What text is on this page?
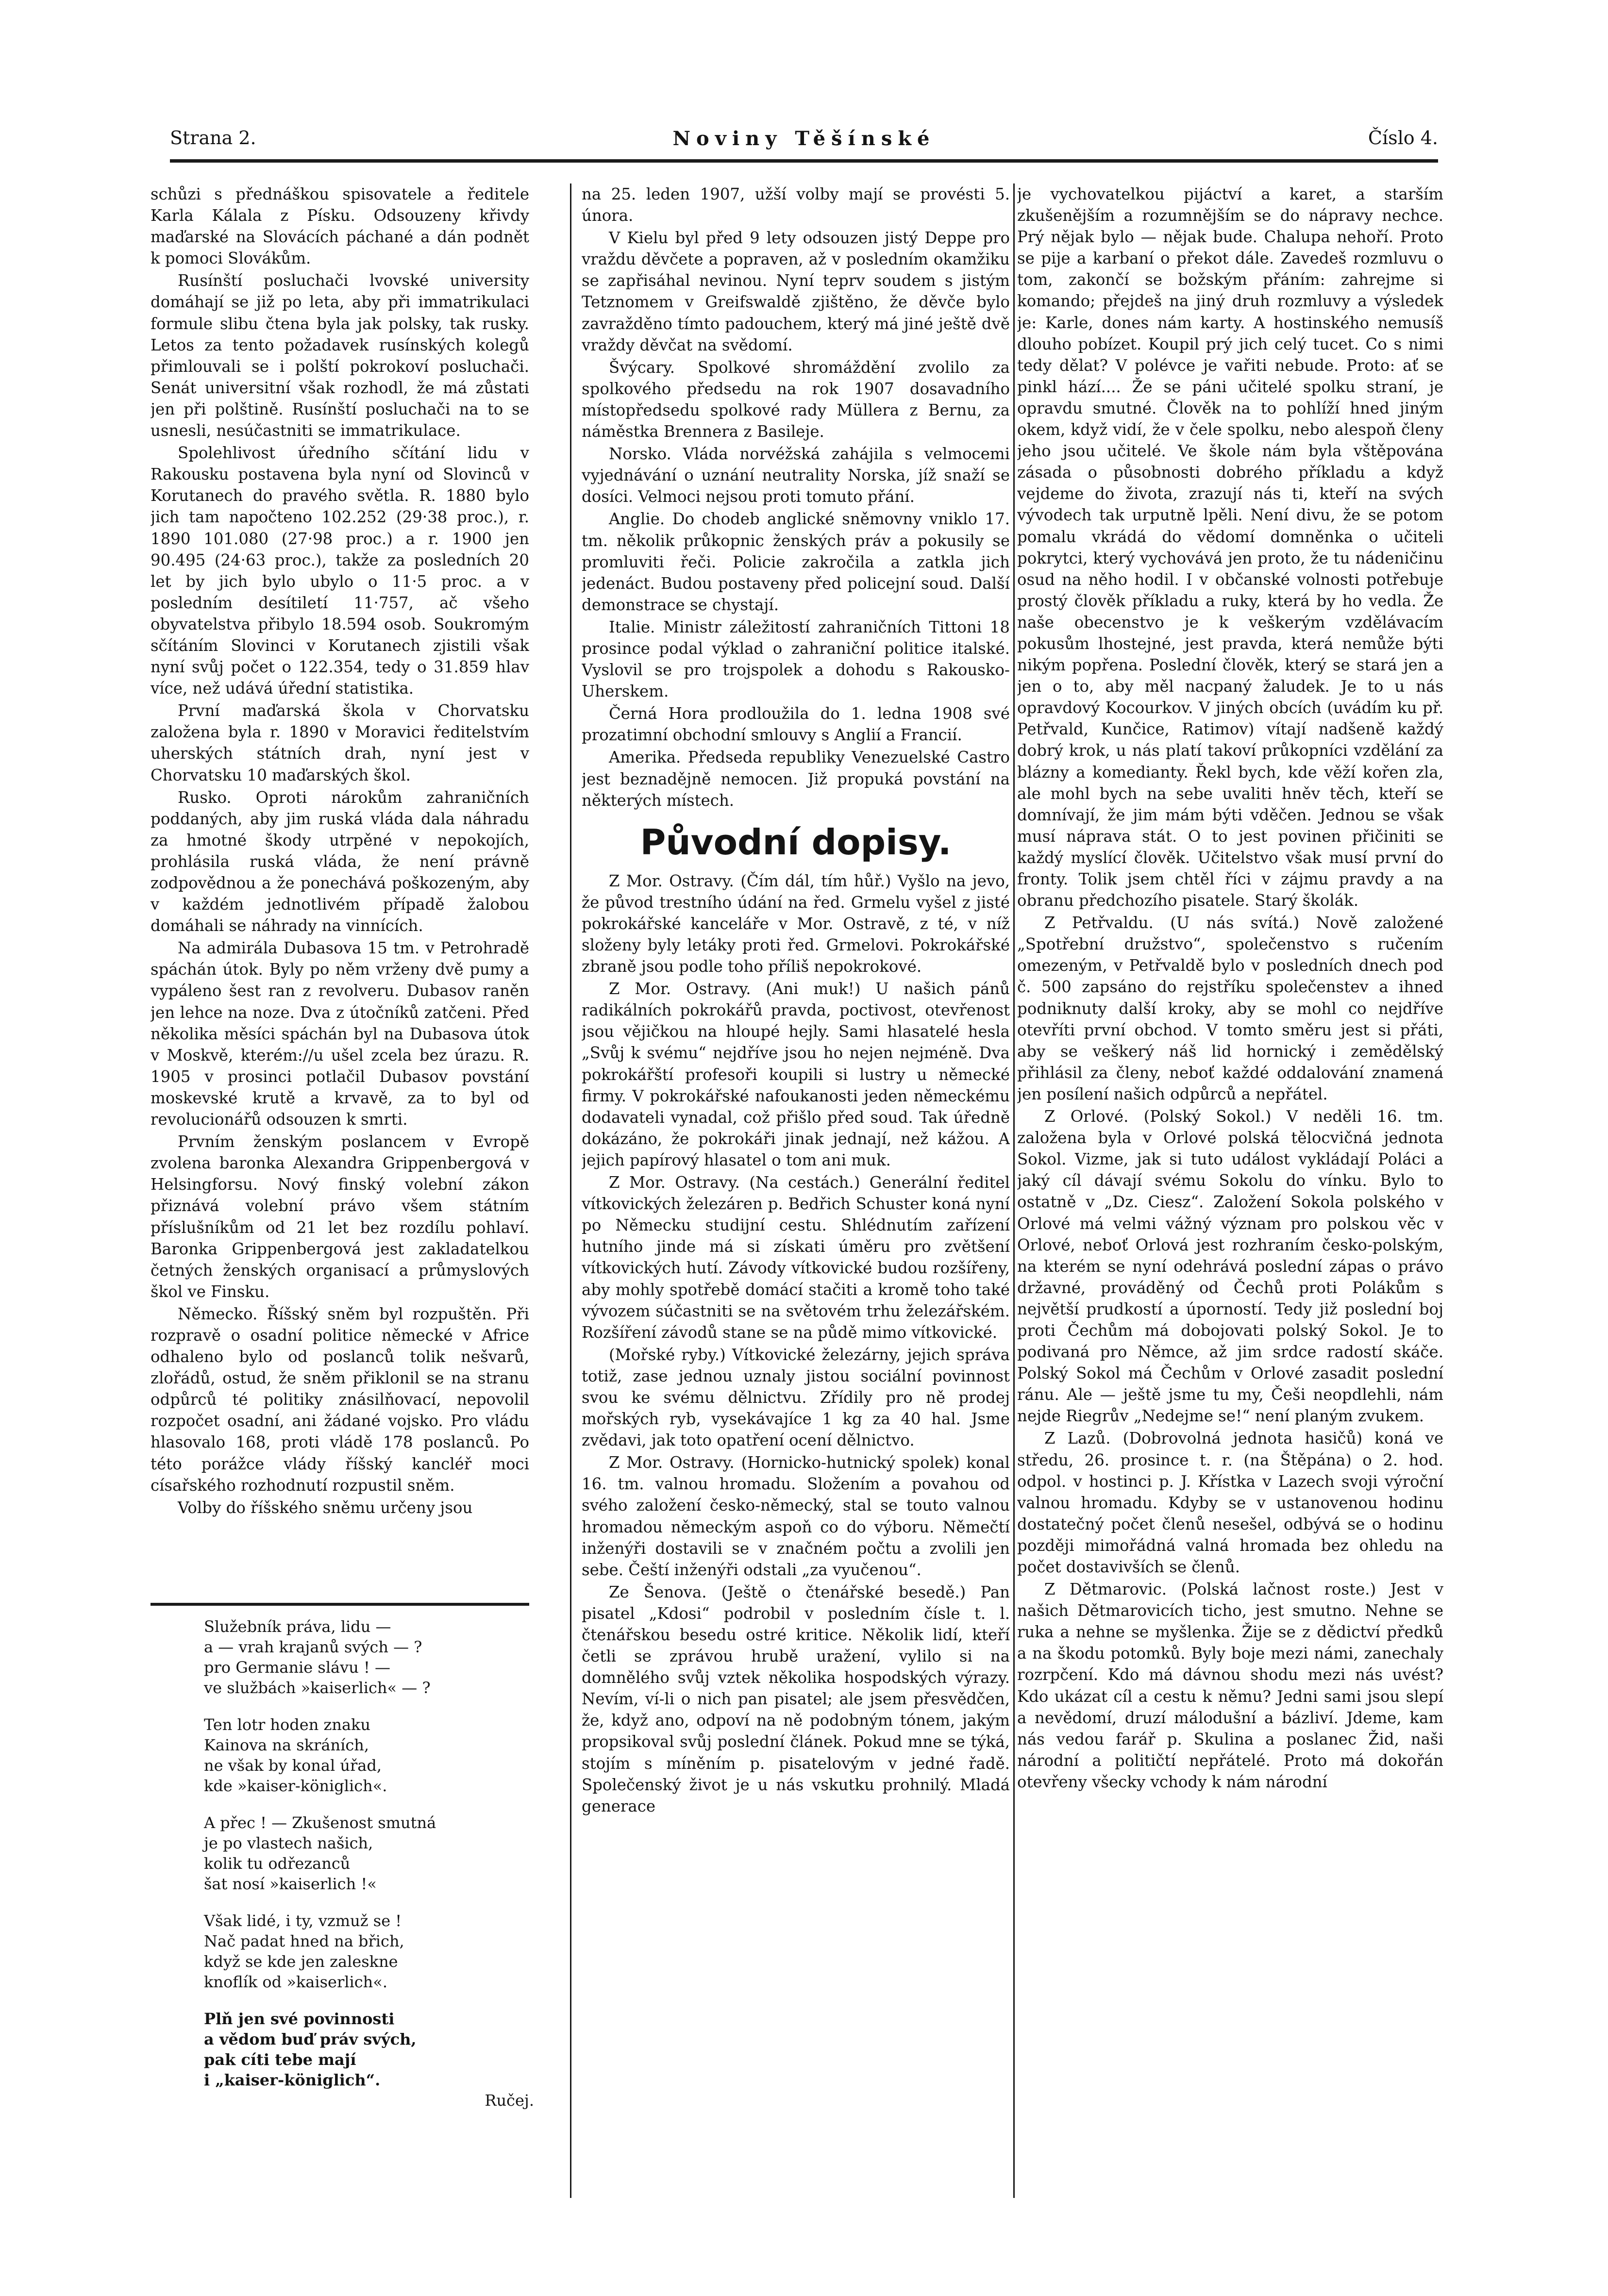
Strana 2.	Noviny Těšínské	Číslo 4.

schůzi s přednáškou spisovatele a ředitele Karla Kálala z Písku. Odsouzeny křivdy maďarské na Slovácích páchané a dán podnět k pomoci Slovákům.

Rusínští posluchači lvovské university domáhají se již po leta, aby při immatrikulaci formule slibu čtena byla jak polsky, tak rusky. Letos za tento požadavek rusínských kolegů přimlouvali se i polští pokrokoví posluchači. Senát universitní však rozhodl, že má zůstati jen při polštině. Rusínští posluchači na to se usnesli, nesúčastniti se immatrikulace.

Spolehlivost úředního sčítání lidu v Rakousku postavena byla nyní od Slovinců v Korutanech do pravého světla. R. 1880 bylo jich tam napočteno 102.252 (29·38 proc.), r. 1890 101.080 (27·98 proc.) a r. 1900 jen 90.495 (24·63 proc.), takže za posledních 20 let by jich bylo ubylo o 11·5 proc. a v posledním desítiletí 11·757, ač všeho obyvatelstva přibylo 18.594 osob. Soukromým sčítáním Slovinci v Korutanech zjistili však nyní svůj počet o 122.354, tedy o 31.859 hlav více, než udává úřední statistika.

První maďarská škola v Chorvatsku založena byla r. 1890 v Moravici ředitelstvím uherských státních drah, nyní jest v Chorvatsku 10 maďarských škol.

Rusko. Oproti nárokům zahraničních poddaných, aby jim ruská vláda dala náhradu za hmotné škody utrpěné v nepokojích, prohlásila ruská vláda, že není právně zodpovědnou a že ponechává poškozeným, aby v každém jednotlivém případě žalobou domáhali se náhrady na vinnících.

Na admirála Dubasova 15 tm. v Petrohradě spáchán útok. Byly po něm vrženy dvě pumy a vypáleno šest ran z revolveru. Dubasov raněn jen lehce na noze. Dva z útočníků zatčeni. Před několika měsíci spáchán byl na Dubasova útok v Moskvě, kterém://u ušel zcela bez úrazu. R. 1905 v prosinci potlačil Dubasov povstání moskevské krutě a krvavě, za to byl od revolucionářů odsouzen k smrti.

Prvním ženským poslancem v Evropě zvolena baronka Alexandra Grippenbergová v Helsingforsu. Nový finský volební zákon přiznává volební právo všem státním příslušníkům od 21 let bez rozdílu pohlaví. Baronka Grippenbergová jest zakladatelkou četných ženských organisací a průmyslových škol ve Finsku.

Německo. Říšský sněm byl rozpuštěn. Při rozpravě o osadní politice německé v Africe odhaleno bylo od poslanců tolik nešvarů, zlořádů, ostud, že sněm přiklonil se na stranu odpůrců té politiky znásilňovací, nepovolil rozpočet osadní, ani žádané vojsko. Pro vládu hlasovalo 168, proti vládě 178 poslanců. Po této porážce vlády říšský kancléř moci císařského rozhodnutí rozpustil sněm.

Volby do říšského sněmu určeny jsou

Služebník práva, lidu —
a — vrah krajanů svých — ?
pro Germanie slávu ! —
ve službách »kaiserlich« — ?
Ten lotr hoden znaku
Kainova na skráních,
ne však by konal úřad,
kde »kaiser-königlich«.
A přec ! — Zkušenost smutná
je po vlastech našich,
kolik tu odřezanců
šat nosí »kaiserlich !«
Však lidé, i ty, vzmuž se !
Nač padat hned na břich,
když se kde jen zaleskne
knoflík od »kaiserlich«.
Plň jen své povinnosti
a vědom buď práv svých,
pak cíti tebe mají
i „kaiser-königlich“.
Ručej.

na 25. leden 1907, užší volby mají se provésti 5. února.

V Kielu byl před 9 lety odsouzen jistý Deppe pro vraždu děvčete a popraven, až v posledním okamžiku se zapřisáhal nevinou. Nyní teprv soudem s jistým Tetznomem v Greifswaldě zjištěno, že děvče bylo zavražděno tímto padouchem, který má jiné ještě dvě vraždy děvčat na svědomí.

Švýcary. Spolkové shromáždění zvolilo za spolkového předsedu na rok 1907 dosavadního místopředsedu spolkové rady Müllera z Bernu, za náměstka Brennera z Basileje.

Norsko. Vláda norvéžská zahájila s velmocemi vyjednávání o uznání neutrality Norska, jíž snaží se dosíci. Velmoci nejsou proti tomuto přání.

Anglie. Do chodeb anglické sněmovny vniklo 17. tm. několik průkopnic ženských práv a pokusily se promluviti řeči. Policie zakročila a zatkla jich jedenáct. Budou postaveny před policejní soud. Další demonstrace se chystají.

Italie. Ministr záležitostí zahraničních Tittoni 18 prosince podal výklad o zahraniční politice italské. Vyslovil se pro trojspolek a dohodu s Rakousko-Uherskem.

Černá Hora prodloužila do 1. ledna 1908 své prozatimní obchodní smlouvy s Anglií a Francií.

Amerika. Předseda republiky Venezuelské Castro jest beznadějně nemocen. Již propuká povstání na některých místech.

Původní dopisy.

Z Mor. Ostravy. (Čím dál, tím hůř.) Vyšlo na jevo, že původ trestního údání na řed. Grmelu vyšel z jisté pokrokářské kanceláře v Mor. Ostravě, z té, v níž složeny byly letáky proti řed. Grmelovi. Pokrokářské zbraně jsou podle toho příliš nepokrokové.

Z Mor. Ostravy. (Ani muk!) U našich pánů radikálních pokrokářů pravda, poctivost, otevřenost jsou vějičkou na hloupé hejly. Sami hlasatelé hesla „Svůj k svému“ nejdříve jsou ho nejen nejméně. Dva pokrokářští profesoři koupili si lustry u německé firmy. V pokrokářské nafoukanosti jeden německému dodavateli vynadal, což přišlo před soud. Tak úředně dokázáno, že pokrokáři jinak jednají, než kážou. A jejich papírový hlasatel o tom ani muk.

Z Mor. Ostravy. (Na cestách.) Generální ředitel vítkovických železáren p. Bedřich Schuster koná nyní po Německu studijní cestu. Shlédnutím zařízení hutního jinde má si získati úměru pro zvětšení vítkovických hutí. Závody vítkovické budou rozšířeny, aby mohly spotřebě domácí stačiti a kromě toho také vývozem súčastniti se na světovém trhu železářském. Rozšíření závodů stane se na půdě mimo vítkovické.

(Mořské ryby.) Vítkovické železárny, jejich správa totiž, zase jednou uznaly jistou sociální povinnost svou ke svému dělnictvu. Zřídily pro ně prodej mořských ryb, vysekávajíce 1 kg za 40 hal. Jsme zvědavi, jak toto opatření ocení dělnictvo.

Z Mor. Ostravy. (Hornicko-hutnický spolek) konal 16. tm. valnou hromadu. Složením a povahou od svého založení česko-německý, stal se touto valnou hromadou německým aspoň co do výboru. Němečtí inženýři dostavili se v značném počtu a zvolili jen sebe. Čeští inženýři odstali „za vyučenou“.

Ze Šenova. (Ještě o čtenářské besedě.) Pan pisatel „Kdosi“ podrobil v posledním čísle t. l. čtenářskou besedu ostré kritice. Několik lidí, kteří četli se zprávou hrubě uražení, vylilo si na domnělého svůj vztek několika hospodských výrazy. Nevím, ví-li o nich pan pisatel; ale jsem přesvědčen, že, když ano, odpoví na ně podobným tónem, jakým propsikoval svůj poslední článek. Pokud mne se týká, stojím s míněním p. pisatelovým v jedné řadě. Společenský život je u nás vskutku prohnilý. Mladá generace

je vychovatelkou pijáctví a karet, a starším zkušenějším a rozumnějším se do nápravy nechce. Prý nějak bylo — nějak bude. Chalupa nehoří. Proto se pije a karbaní o překot dále. Zavedeš rozmluvu o tom, zakončí se božským přáním: zahrejme si komando; přejdeš na jiný druh rozmluvy a výsledek je: Karle, dones nám karty. A hostinského nemusíš dlouho pobízet. Koupil prý jich celý tucet. Co s nimi tedy dělat? V polévce je vařiti nebude. Proto: ať se pinkl hází.... Že se páni učitelé spolku straní, je opravdu smutné. Člověk na to pohlíží hned jiným okem, když vidí, že v čele spolku, nebo alespoň členy jeho jsou učitelé. Ve škole nám byla vštěpována zásada o působnosti dobrého příkladu a když vejdeme do života, zrazují nás ti, kteří na svých vývodech tak urputně lpěli. Není divu, že se potom pomalu vkrádá do vědomí domněnka o učiteli pokrytci, který vychovává jen proto, že tu nádeničinu osud na něho hodil. I v občanské volnosti potřebuje prostý člověk příkladu a ruky, která by ho vedla. Že naše obecenstvo je k veškerým vzdělávacím pokusům lhostejné, jest pravda, která nemůže býti nikým popřena. Poslední člověk, který se stará jen a jen o to, aby měl nacpaný žaludek. Je to u nás opravdový Kocourkov. V jiných obcích (uvádím ku př. Petřvald, Kunčice, Ratimov) vítají nadšeně každý dobrý krok, u nás platí takoví průkopníci vzdělání za blázny a komedianty. Řekl bych, kde věží kořen zla, ale mohl bych na sebe uvaliti hněv těch, kteří se domnívají, že jim mám býti vděčen. Jednou se však musí náprava stát. O to jest povinen přičiniti se každý myslící člověk. Učitelstvo však musí první do fronty. Tolik jsem chtěl říci v zájmu pravdy a na obranu předchozího pisatele. Starý školák.

Z Petřvaldu. (U nás svítá.) Nově založené „Spotřební družstvo“, společenstvo s ručením omezeným, v Petřvaldě bylo v posledních dnech pod č. 500 zapsáno do rejstříku společenstev a ihned podniknuty další kroky, aby se mohl co nejdříve otevříti první obchod. V tomto směru jest si přáti, aby se veškerý náš lid hornický i zemědělský přihlásil za členy, neboť každé oddalování znamená jen posílení našich odpůrců a nepřátel.

Z Orlové. (Polský Sokol.) V neděli 16. tm. založena byla v Orlové polská tělocvičná jednota Sokol. Vizme, jak si tuto událost vykládají Poláci a jaký cíl dávají svému Sokolu do vínku. Bylo to ostatně v „Dz. Ciesz“. Založení Sokola polského v Orlové má velmi vážný význam pro polskou věc v Orlové, neboť Orlová jest rozhraním česko-polským, na kterém se nyní odehrává poslední zápas o právo državné, prováděný od Čechů proti Polákům s největší prudkostí a úporností. Tedy již poslední boj proti Čechům má dobojovati polský Sokol. Je to podivaná pro Němce, až jim srdce radostí skáče. Polský Sokol má Čechům v Orlové zasadit poslední ránu. Ale — ještě jsme tu my, Češi neopdlehli, nám nejde Riegrův „Nedejme se!“ není planým zvukem.

Z Lazů. (Dobrovolná jednota hasičů) koná ve středu, 26. prosince t. r. (na Štěpána) o 2. hod. odpol. v hostinci p. J. Křístka v Lazech svoji výroční valnou hromadu. Kdyby se v ustanovenou hodinu dostatečný počet členů nesešel, odbývá se o hodinu později mimořádná valná hromada bez ohledu na počet dostavivších se členů.

Z Dětmarovic. (Polská lačnost roste.) Jest v našich Dětmarovicích ticho, jest smutno. Nehne se ruka a nehne se myšlenka. Žije se z dědictví předků a na škodu potomků. Byly boje mezi námi, zanechaly rozrpčení. Kdo má dávnou shodu mezi nás uvést? Kdo ukázat cíl a cestu k němu? Jedni sami jsou slepí a nevědomí, druzí málodušní a bázliví. Jdeme, kam nás vedou farář p. Skulina a poslanec Žid, naši národní a političtí nepřátelé. Proto má dokořán otevřeny všecky vchody k nám národní
